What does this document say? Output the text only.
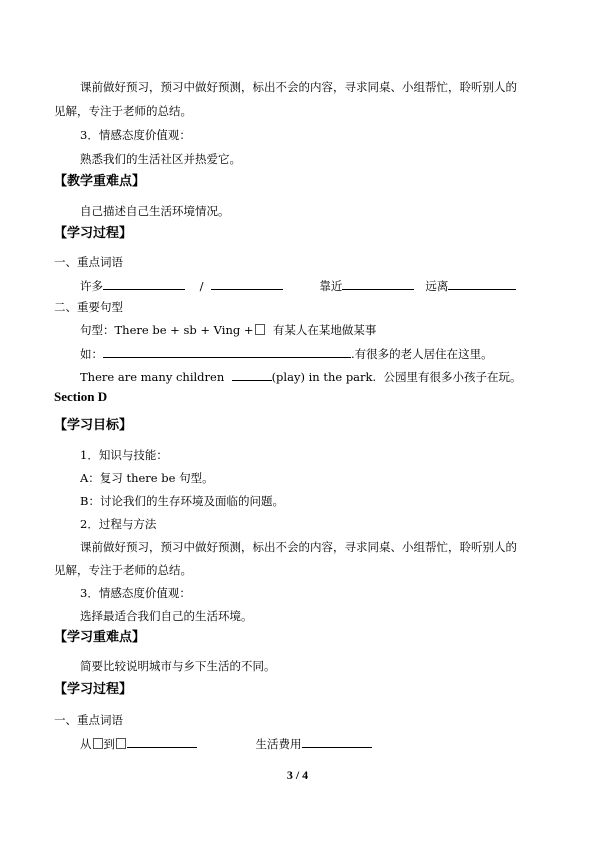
课前做好预习，预习中做好预测，标出不会的内容，寻求同桌、小组帮忙，聆听别人的
见解，专注于老师的总结。
3．情感态度价值观：
熟悉我们的生活社区并热爱它。
【教学重难点】
自己描述自己生活环境情况。
【学习过程】
一、重点词语
许多	/	靠近	远离
二、重要句型
句型：There be + sb + Ving + 有某人在某地做某事
如：	.有很多的老人居住在这里。
There are many children	(play) in the park. 公园里有很多小孩子在玩。
Section D
【学习目标】
1．知识与技能：
A：复习 there be 句型。
B：讨论我们的生存环境及面临的问题。
2．过程与方法
课前做好预习，预习中做好预测，标出不会的内容，寻求同桌、小组帮忙，聆听别人的
见解，专注于老师的总结。
3．情感态度价值观：
选择最适合我们自己的生活环境。
【学习重难点】
简要比较说明城市与乡下生活的不同。
【学习过程】
一、重点词语
从 到	生活费用
3 / 4
